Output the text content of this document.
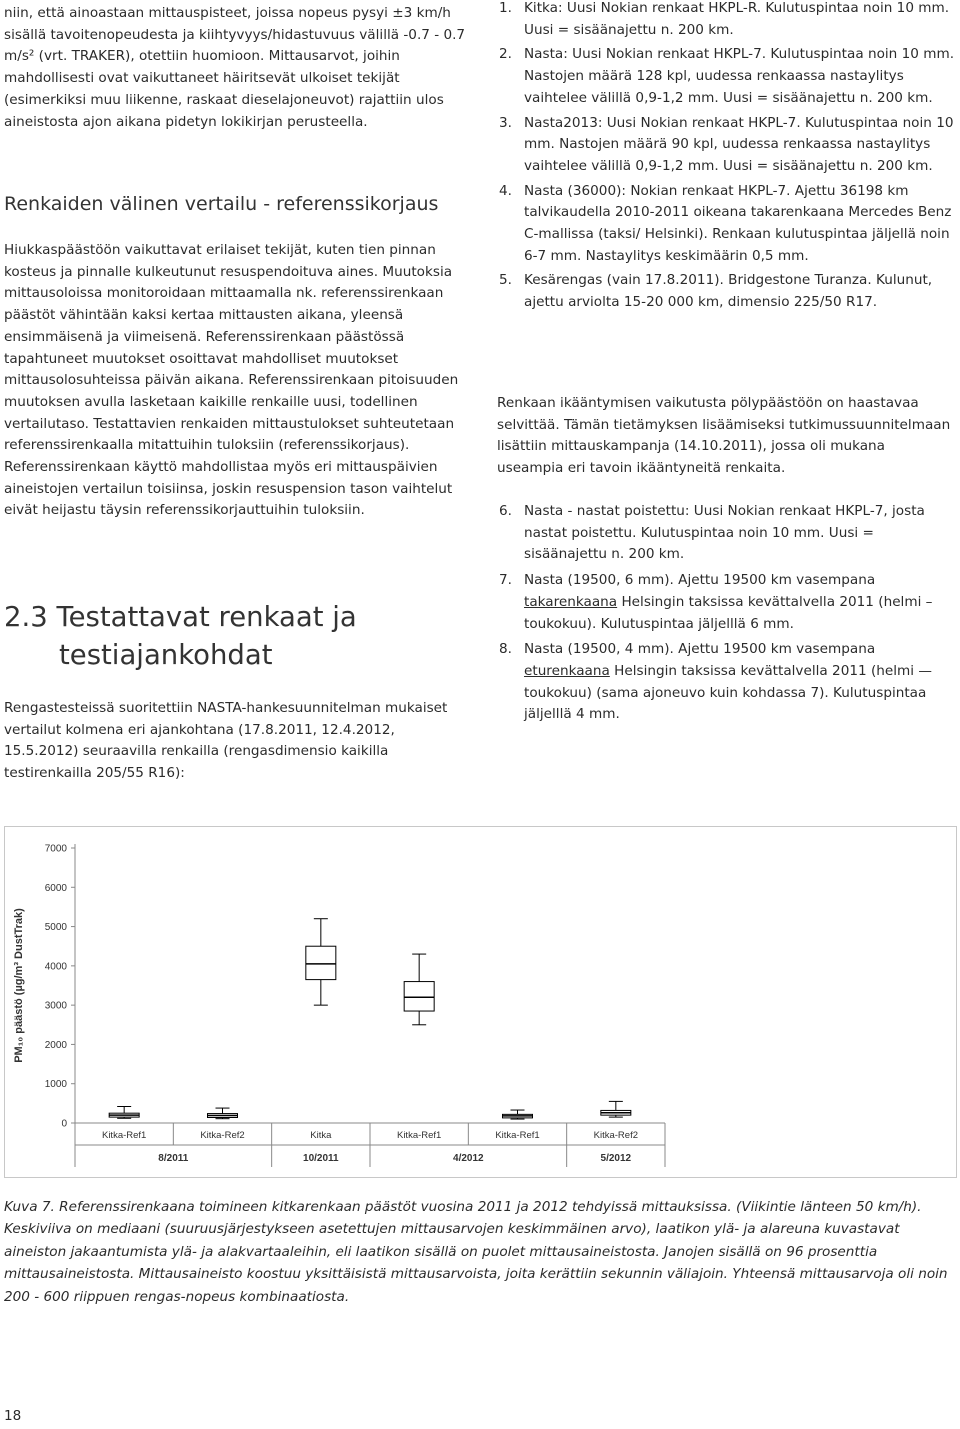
niin, että ainoastaan mittauspisteet, joissa nopeus pysyi ±3 km/h sisällä tavoitenopeudesta ja kiihtyvyys/hidastuvuus välillä -0.7 - 0.7 m/s² (vrt. TRAKER), otettiin huomioon. Mittausarvot, joihin mahdollisesti ovat vaikuttaneet häiritsevät ulkoiset tekijät (esimerkiksi muu liikenne, raskaat dieselajoneuvot) rajattiin ulos aineistosta ajon aikana pidetyn lokikirjan perusteella.

Renkaiden välinen vertailu - referenssikorjaus

Hiukkaspäästöön vaikuttavat erilaiset tekijät, kuten tien pinnan kosteus ja pinnalle kulkeutunut resuspendoituva aines. Muutoksia mittausoloissa monitoroidaan mittaamalla nk. referenssirenkaan päästöt vähintään kaksi kertaa mittausten aikana, yleensä ensimmäisenä ja viimeisenä. Referenssirenkaan päästössä tapahtuneet muutokset osoittavat mahdolliset muutokset mittausolosuhteissa päivän aikana. Referenssirenkaan pitoisuuden muutoksen avulla lasketaan kaikille renkaille uusi, todellinen vertailutaso. Testattavien renkaiden mittaustulokset suhteutetaan referenssirenkaalla mitattuihin tuloksiin (referenssikorjaus). Referenssirenkaan käyttö mahdollistaa myös eri mittauspäivien aineistojen vertailun toisiinsa, joskin resuspension tason vaihtelut eivät heijastu täysin referenssikorjauttuihin tuloksiin.

2.3 Testattavat renkaat ja
testiajankohdat

Rengastesteissä suoritettiin NASTA-hankesuunnitelman mukaiset vertailut kolmena eri ajankohtana (17.8.2011, 12.4.2012, 15.5.2012) seuraavilla renkailla (rengasdimensio kaikilla testirenkailla 205/55 R16):

1. Kitka: Uusi Nokian renkaat HKPL-R. Kulutuspintaa noin 10 mm. Uusi = sisäänajettu n. 200 km.
2. Nasta: Uusi Nokian renkaat HKPL-7. Kulutuspintaa noin 10 mm. Nastojen määrä 128 kpl, uudessa renkaassa nastaylitys vaihtelee välillä 0,9-1,2 mm. Uusi = sisäänajettu n. 200 km.
3. Nasta2013: Uusi Nokian renkaat HKPL-7. Kulutuspintaa noin 10 mm. Nastojen määrä 90 kpl, uudessa renkaassa nastaylitys vaihtelee välillä 0,9-1,2 mm. Uusi = sisäänajettu n. 200 km.
4. Nasta (36000): Nokian renkaat HKPL-7. Ajettu 36198 km talvikaudella 2010-2011 oikeana takarenkaana Mercedes Benz C-mallissa (taksi/ Helsinki). Renkaan kulutuspintaa jäljellä noin 6-7 mm. Nastaylitys keskimäärin 0,5 mm.
5. Kesärengas (vain 17.8.2011). Bridgestone Turanza. Kulunut, ajettu arviolta 15-20 000 km, dimensio 225/50 R17.

Renkaan ikääntymisen vaikutusta pölypäästöön on haastavaa selvittää. Tämän tietämyksen lisäämiseksi tutkimussuunnitelmaan lisättiin mittauskampanja (14.10.2011), jossa oli mukana useampia eri tavoin ikääntyneitä renkaita.

6. Nasta - nastat poistettu: Uusi Nokian renkaat HKPL-7, josta nastat poistettu. Kulutuspintaa noin 10 mm. Uusi = sisäänajettu n. 200 km.
7. Nasta (19500, 6 mm). Ajettu 19500 km vasempana takarenkaana Helsingin taksissa kevättalvella 2011 (helmi – toukokuu). Kulutuspintaa jäljelllä 6 mm.
8. Nasta (19500, 4 mm). Ajettu 19500 km vasempana eturenkaana Helsingin taksissa kevättalvella 2011 (helmi — toukokuu) (sama ajoneuvo kuin kohdassa 7). Kulutuspintaa jäljelllä 4 mm.
0
1000
2000
3000
4000
5000
6000
7000
PM₁₀ päästö (µg/m³ DustTrak)
Kitka-Ref1	Kitka-Ref2	Kitka	Kitka-Ref1	Kitka-Ref1	Kitka-Ref2
8/2011	10/2011	4/2012	5/2012

Kuva 7. Referenssirenkaana toimineen kitkarenkaan päästöt vuosina 2011 ja 2012 tehdyissä mittauksissa. (Viikintie länteen 50 km/h). Keskiviiva on mediaani (suuruusjärjestykseen asetettujen mittausarvojen keskimmäinen arvo), laatikon ylä- ja alareuna kuvastavat aineiston jakaantumista ylä- ja alakvartaaleihin, eli laatikon sisällä on puolet mittausaineistosta. Janojen sisällä on 96 prosenttia mittausaineistosta. Mittausaineisto koostuu yksittäisistä mittausarvoista, joita kerättiin sekunnin väliajoin. Yhteensä mittausarvoja oli noin 200 - 600 riippuen rengas-nopeus kombinaatiosta.

18
